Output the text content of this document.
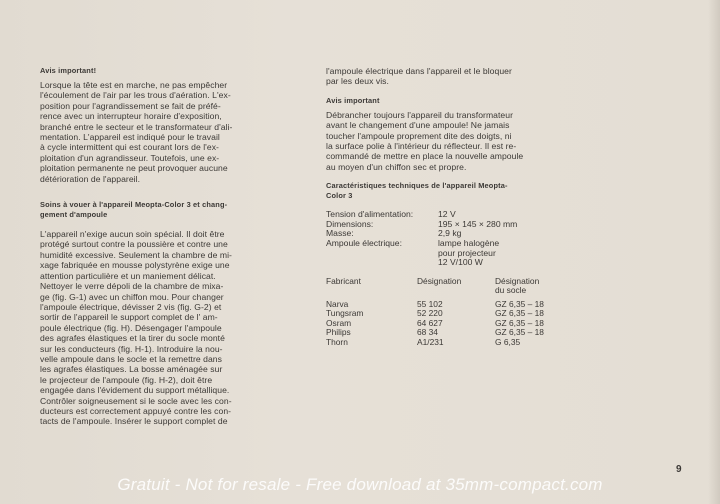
Avis important!

Lorsque la tête est en marche, ne pas empêcher

l'écoulement de l'air par les trous d'aération. L'ex-

position pour l'agrandissement se fait de préfé-

rence avec un interrupteur horaire d'exposition,

branché entre le secteur et le transformateur d'ali-

mentation. L'appareil est indiqué pour le travail

à cycle intermittent qui est courant lors de l'ex-

ploitation d'un agrandisseur. Toutefois, une ex-

ploitation permanente ne peut provoquer aucune

détérioration de l'appareil.

Soins à vouer à l'appareil Meopta-Color 3 et chang-

gement d'ampoule

L'appareil n'exige aucun soin spécial. Il doit être

protégé surtout contre la poussière et contre une

humidité excessive. Seulement la chambre de mi-

xage fabriquée en mousse polystyrène exige une

attention particulière et un maniement délicat.

Nettoyer le verre dépoli de la chambre de mixa-

ge (fig. G-1) avec un chiffon mou. Pour changer

l'ampoule électrique, dévisser 2 vis (fig. G-2) et

sortir de l'appareil le support complet de l' am-

poule électrique (fig. H). Désengager l'ampoule

des agrafes élastiques et la tirer du socle monté

sur les conducteurs (fig. H-1). Introduire la nou-

velle ampoule dans le socle et la remettre dans

les agrafes élastiques. La bosse aménagée sur

le projecteur de l'ampoule (fig. H-2), doit être

engagée dans l'évidement du support métallique.

Contrôler soigneusement si le socle avec les con-

ducteurs est correctement appuyé contre les con-

tacts de l'ampoule. Insérer le support complet de

l'ampoule électrique dans l'appareil et le bloquer

par les deux vis.

Avis important

Débrancher toujours l'appareil du transformateur

avant le changement d'une ampoule! Ne jamais

toucher l'ampoule proprement dite des doigts, ni

la surface polie à l'intérieur du réflecteur. Il est re-

commandé de mettre en place la nouvelle ampoule

au moyen d'un chiffon sec et propre.

Caractéristiques techniques de l'appareil Meopta-

Color 3

Tension d'alimentation:	12 V
Dimensions:	195 × 145 × 280 mm
Masse:	2,9 kg
Ampoule électrique:	lampe halogène
	pour projecteur
	12 V/100 W
Fabricant	Désignation	Désignation
du socle
Narva	55 102	GZ 6,35 – 18
Tungsram	52 220	GZ 6,35 – 18
Osram	64 627	GZ 6,35 – 18
Philips	68 34	GZ 6,35 – 18
Thorn	A1/231	G 6,35
9
Gratuit - Not for resale - Free download at 35mm-compact.com
